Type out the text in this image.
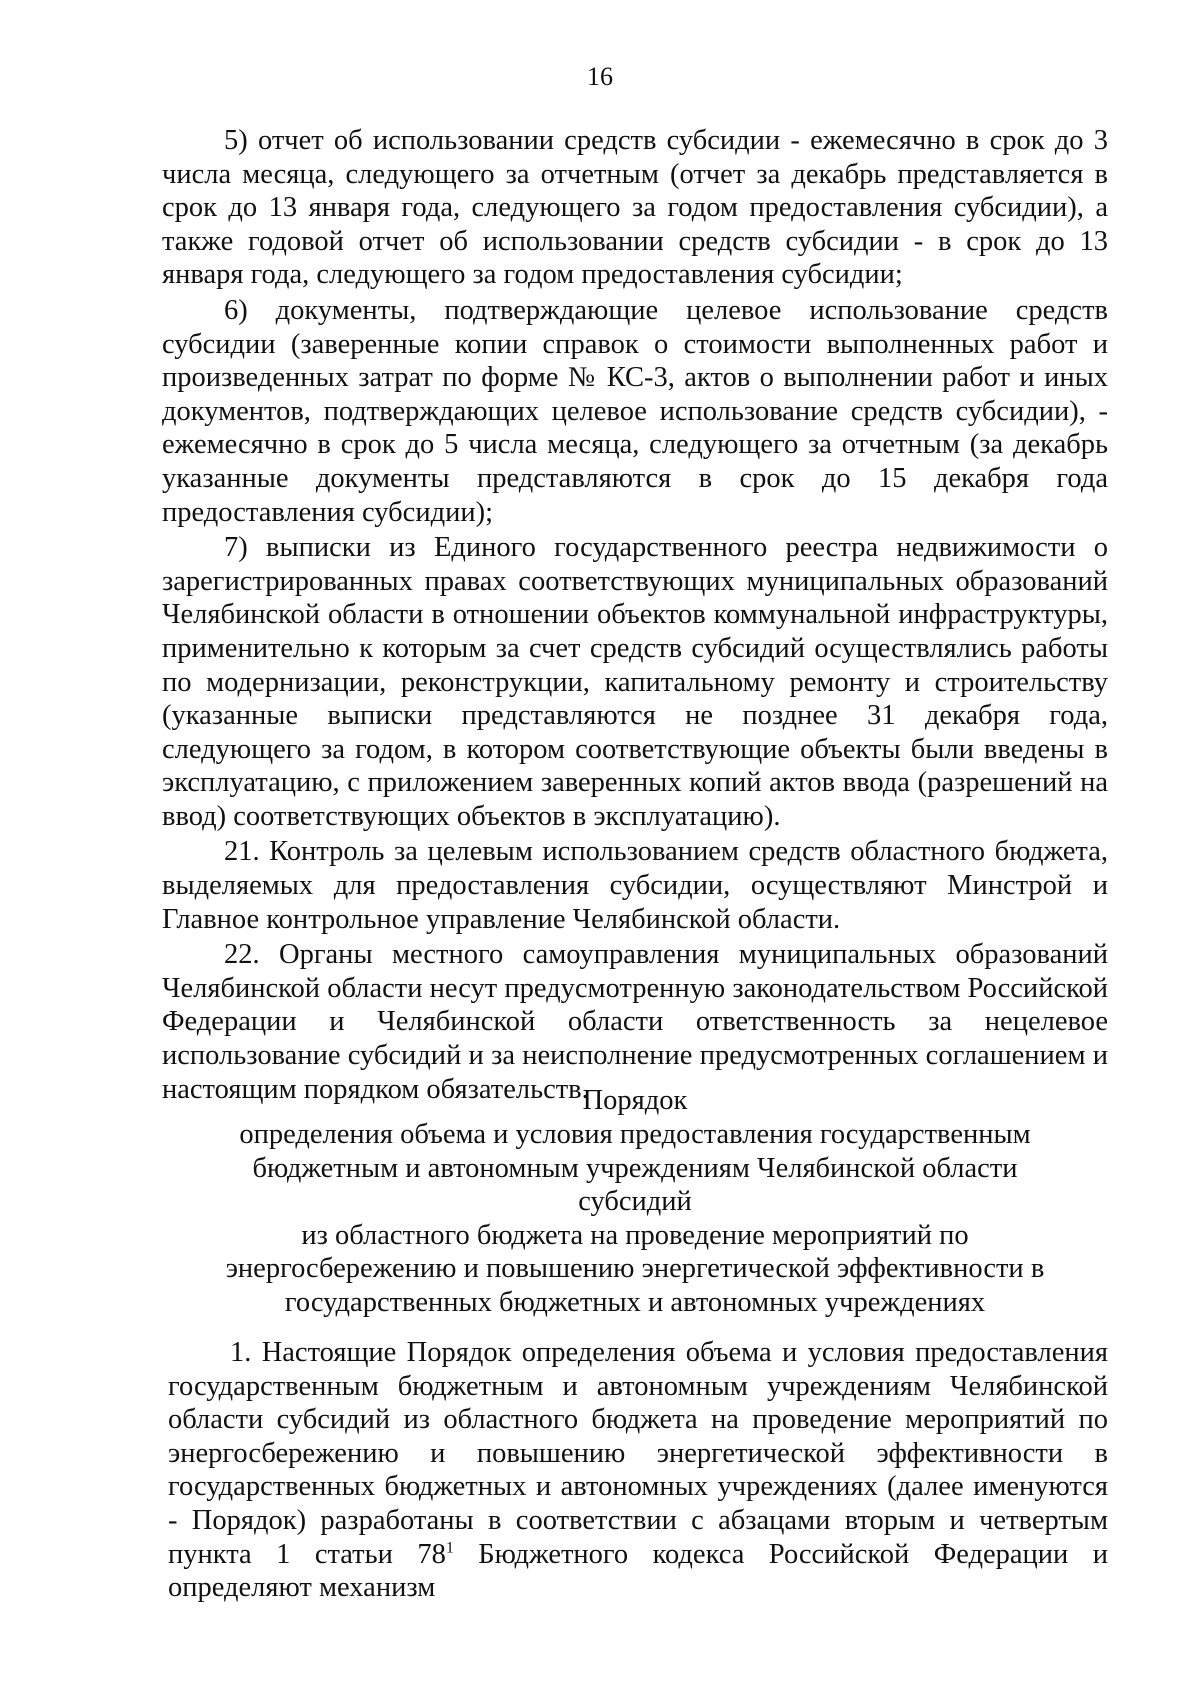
16

5) отчет об использовании средств субсидии - ежемесячно в срок до 3 числа месяца, следующего за отчетным (отчет за декабрь представляется в срок до 13 января года, следующего за годом предоставления субсидии), а также годовой отчет об использовании средств субсидии - в срок до 13 января года, следующего за годом предоставления субсидии;

6) документы, подтверждающие целевое использование средств субсидии (заверенные копии справок о стоимости выполненных работ и произведенных затрат по форме № КС-3, актов о выполнении работ и иных документов, подтверждающих целевое использование средств субсидии), - ежемесячно в срок до 5 числа месяца, следующего за отчетным (за декабрь указанные документы представляются в срок до 15 декабря года предоставления субсидии);

7) выписки из Единого государственного реестра недвижимости о зарегистрированных правах соответствующих муниципальных образований Челябинской области в отношении объектов коммунальной инфраструктуры, применительно к которым за счет средств субсидий осуществлялись работы по модернизации, реконструкции, капитальному ремонту и строительству (указанные выписки представляются не позднее 31 декабря года, следующего за годом, в котором соответствующие объекты были введены в эксплуатацию, с приложением заверенных копий актов ввода (разрешений на ввод) соответствующих объектов в эксплуатацию).

21. Контроль за целевым использованием средств областного бюджета, выделяемых для предоставления субсидии, осуществляют Минстрой и Главное контрольное управление Челябинской области.

22. Органы местного самоуправления муниципальных образований Челябинской области несут предусмотренную законодательством Российской Федерации и Челябинской области ответственность за нецелевое использование субсидий и за неисполнение предусмотренных соглашением и настоящим порядком обязательств.

Порядок

определения объема и условия предоставления государственным
бюджетным и автономным учреждениям Челябинской области субсидий
из областного бюджета на проведение мероприятий по
энергосбережению и повышению энергетической эффективности в
государственных бюджетных и автономных учреждениях

1. Настоящие Порядок определения объема и условия предоставления государственным бюджетным и автономным учреждениям Челябинской области субсидий из областного бюджета на проведение мероприятий по энергосбережению и повышению энергетической эффективности в государственных бюджетных и автономных учреждениях (далее именуются - Порядок) разработаны в соответствии с абзацами вторым и четвертым пункта 1 статьи $78^1$ Бюджетного кодекса Российской Федерации и определяют механизм
